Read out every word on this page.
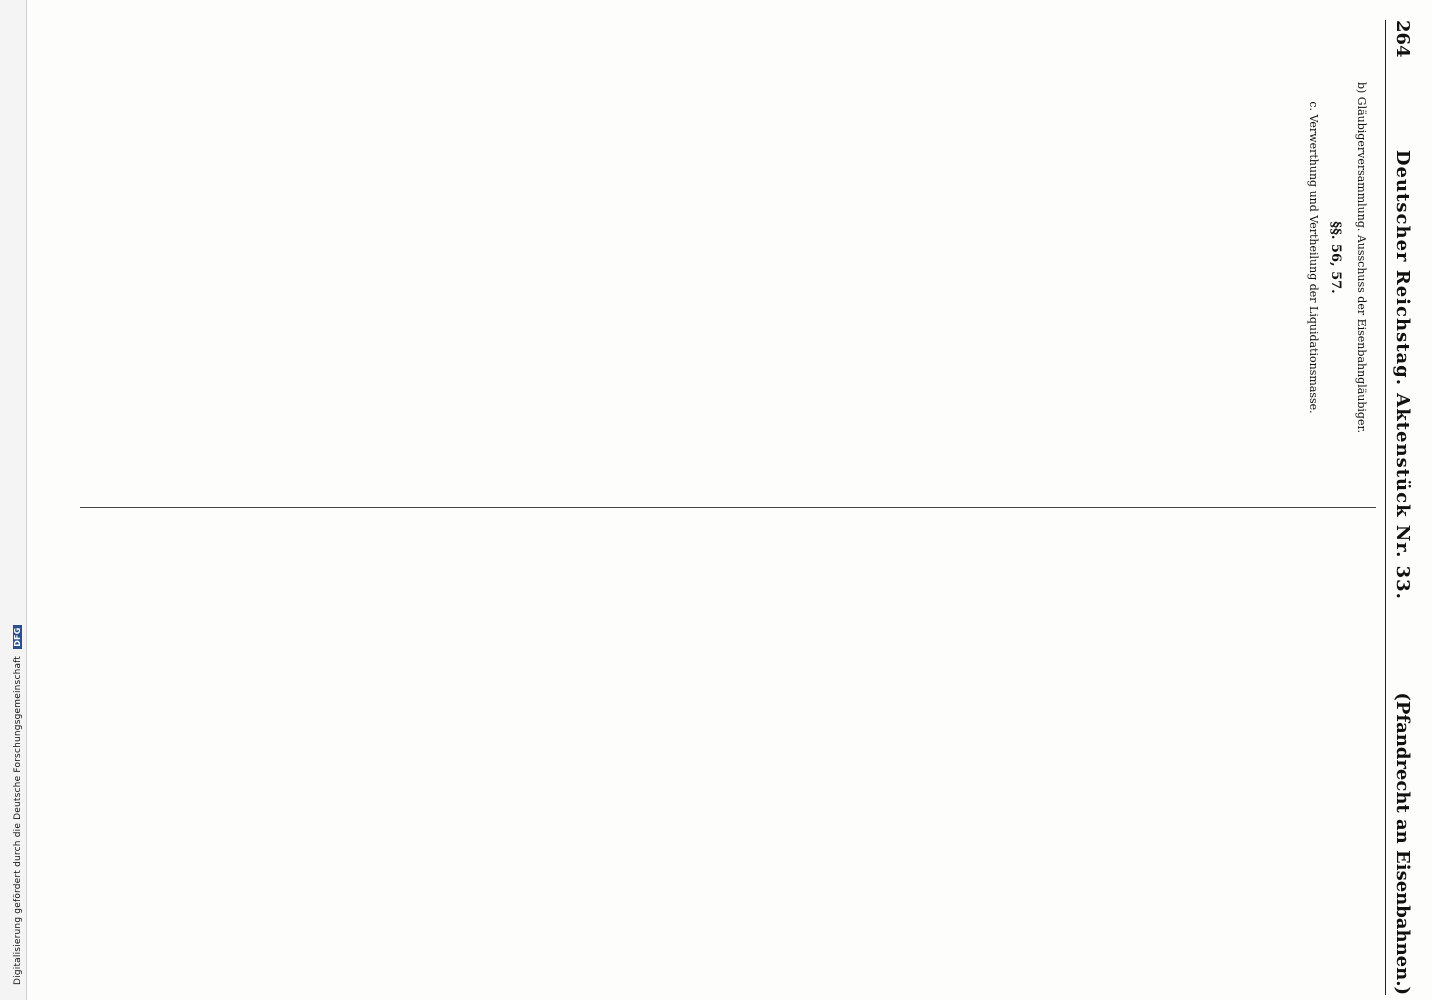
Digitalisierung gefördert durch die Deutsche Forschungsgemeinschaft DFG
264
Deutscher Reichstag. Aktenstück Nr. 33.
(Pfandrecht an Eisenbahnen.)
b) Gläubigerversammlung. Ausschuss der Eisenbahngläubiger.
§§. 56, 57.
c. Verwerthung und Vertheilung der Liquidationsmasse.
